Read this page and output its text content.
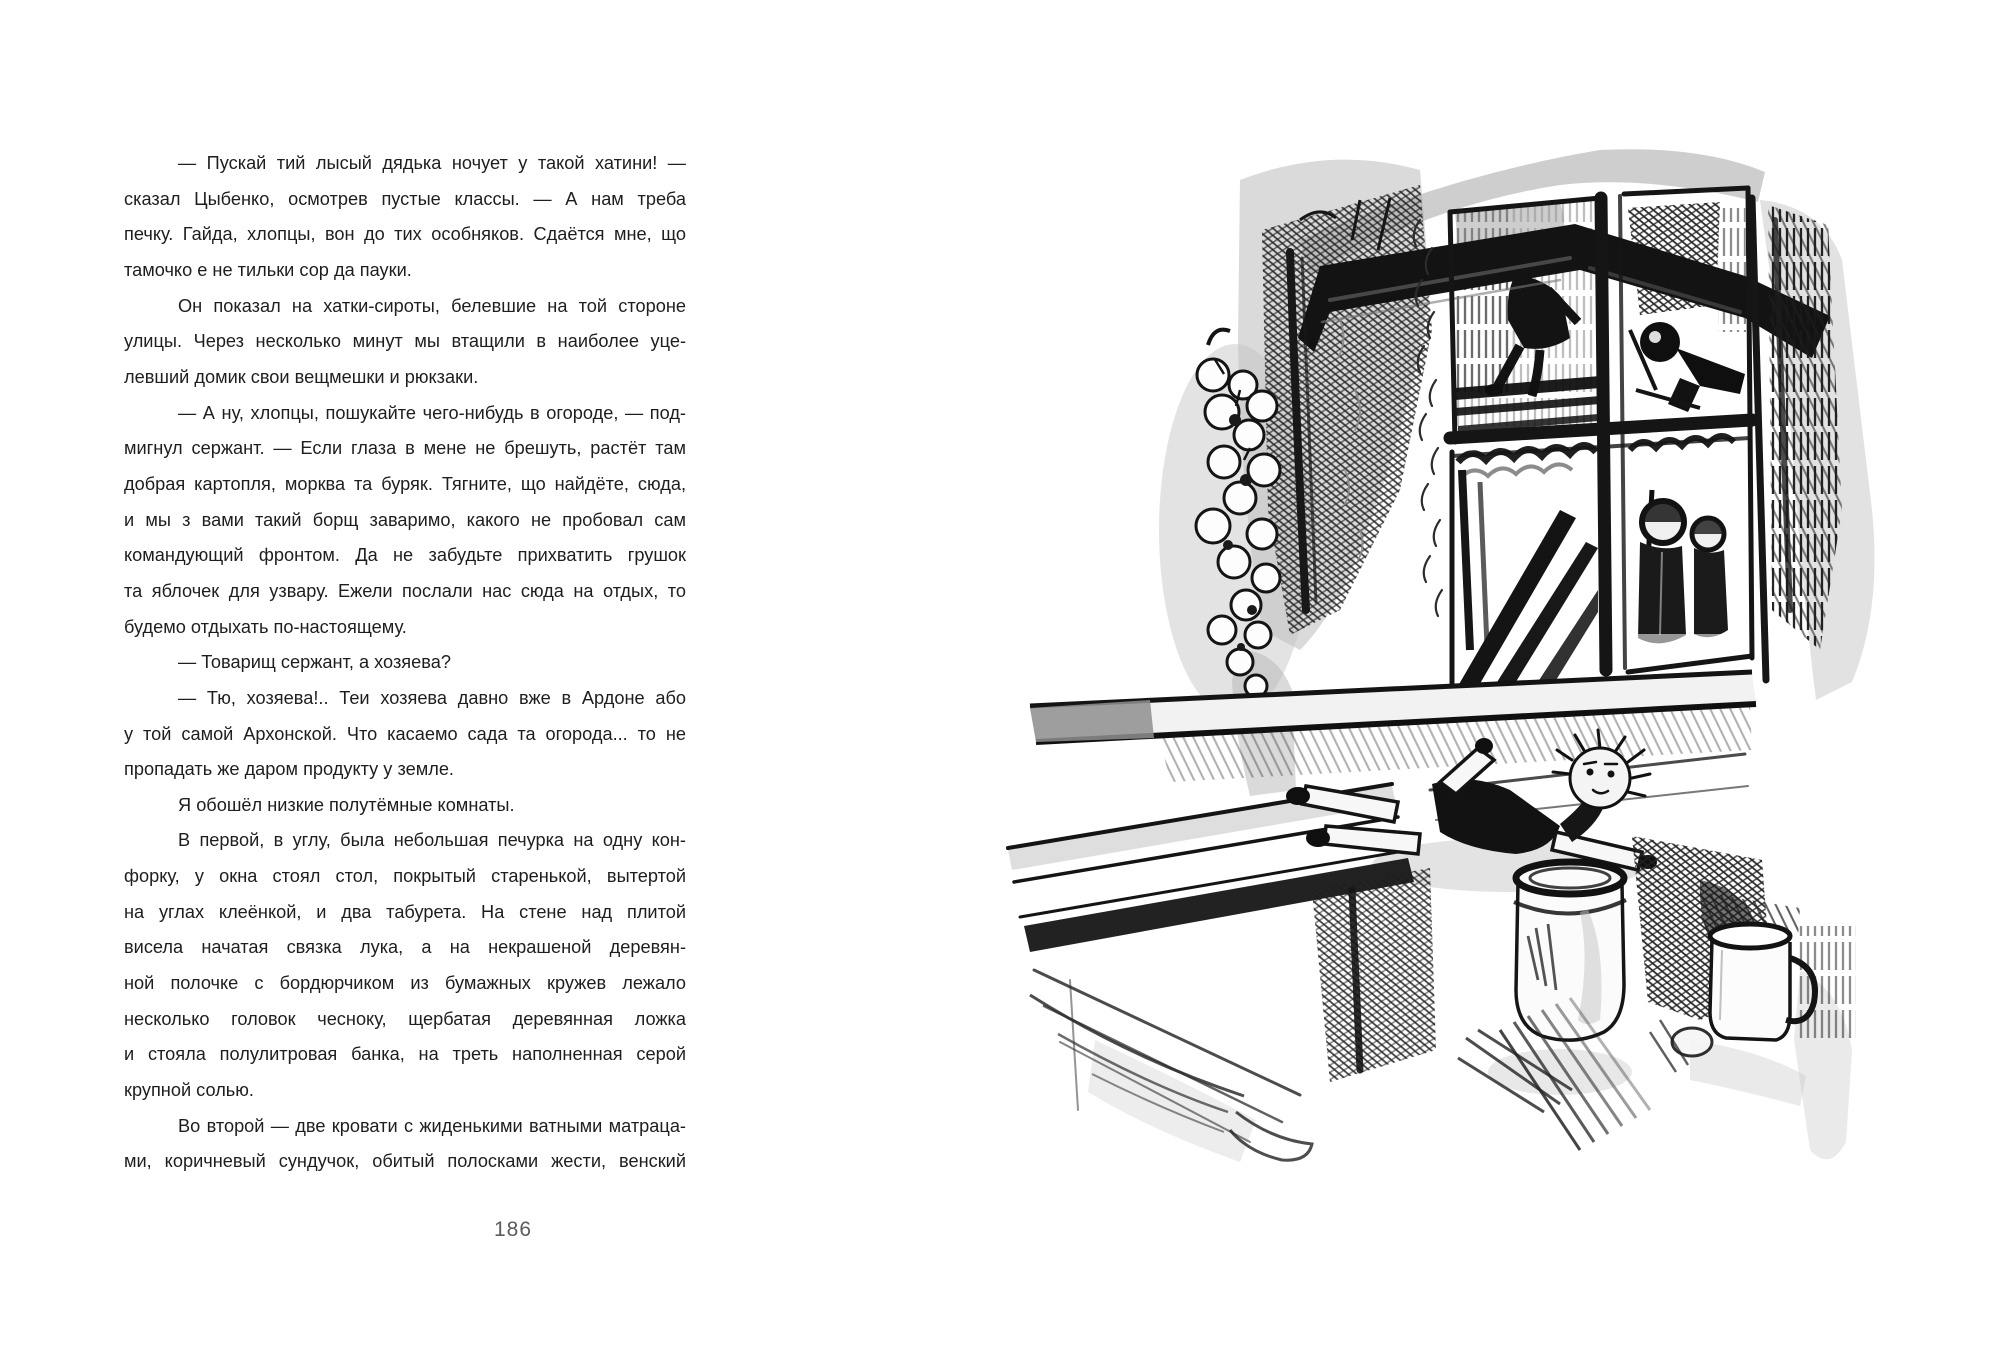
— Пускай тий лысый дядька ночует у такой хатини! —
сказал Цыбенко, осмотрев пустые классы. — А нам треба
печку. Гайда, хлопцы, вон до тих особняков. Сдаётся мне, що
тамочко е не тильки сор да пауки.
Он показал на хатки-сироты, белевшие на той стороне
улицы. Через несколько минут мы втащили в наиболее уце-
левший домик свои вещмешки и рюкзаки.
— А ну, хлопцы, пошукайте чего-нибудь в огороде, — под-
мигнул сержант. — Если глаза в мене не брешуть, растёт там
добрая картопля, морква та буряк. Тягните, що найдёте, сюда,
и мы з вами такий борщ заваримо, какого не пробовал сам
командующий фронтом. Да не забудьте прихватить грушок
та яблочек для узвару. Ежели послали нас сюда на отдых, то
будемо отдыхать по-настоящему.
— Товарищ сержант, а хозяева?
— Тю, хозяева!.. Теи хозяева давно вже в Ардоне або
у той самой Архонской. Что касаемо сада та огорода... то не
пропадать же даром продукту у земле.
Я обошёл низкие полутёмные комнаты.
В первой, в углу, была небольшая печурка на одну кон-
форку, у окна стоял стол, покрытый старенькой, вытертой
на углах клеёнкой, и два табурета. На стене над плитой
висела начатая связка лука, а на некрашеной деревян-
ной полочке с бордюрчиком из бумажных кружев лежало
несколько головок чесноку, щербатая деревянная ложка
и стояла полулитровая банка, на треть наполненная серой
крупной солью.
Во второй — две кровати с жиденькими ватными матраца-
ми, коричневый сундучок, обитый полосками жести, венский
186
